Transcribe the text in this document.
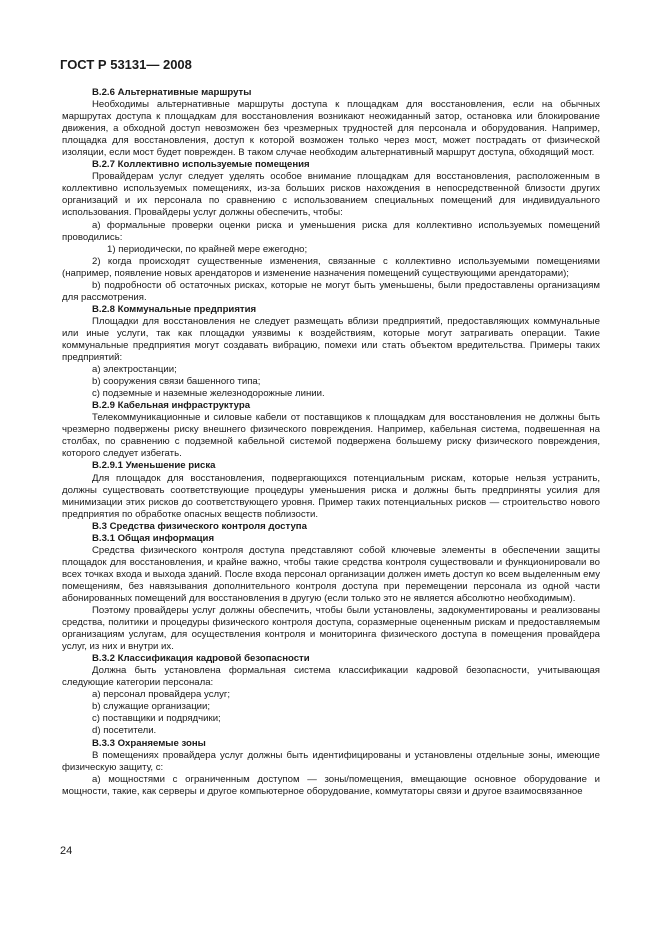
ГОСТ Р 53131— 2008

В.2.6 Альтернативные маршруты

Необходимы альтернативные маршруты доступа к площадкам для восстановления, если на обычных маршрутах доступа к площадкам для восстановления возникают неожиданный затор, остановка или блокирование движения, а обходной доступ невозможен без чрезмерных трудностей для персонала и оборудования. Например, площадка для восстановления, доступ к которой возможен только через мост, может пострадать от физической изоляции, если мост будет поврежден. В таком случае необходим альтернативный маршрут доступа, обходящий мост.

В.2.7 Коллективно используемые помещения

Провайдерам услуг следует уделять особое внимание площадкам для восстановления, расположенным в коллективно используемых помещениях, из-за больших рисков нахождения в непосредственной близости других организаций и их персонала по сравнению с использованием специальных помещений для индивидуального использования. Провайдеры услуг должны обеспечить, чтобы:

а) формальные проверки оценки риска и уменьшения риска для коллективно используемых помещений проводились:

1) периодически, по крайней мере ежегодно;

2) когда происходят существенные изменения, связанные с коллективно используемыми помещениями (например, появление новых арендаторов и изменение назначения помещений существующими арендаторами);

b) подробности об остаточных рисках, которые не могут быть уменьшены, были предоставлены организациям для рассмотрения.

В.2.8 Коммунальные предприятия

Площадки для восстановления не следует размещать вблизи предприятий, предоставляющих коммунальные или иные услуги, так как площадки уязвимы к воздействиям, которые могут затрагивать операции. Такие коммунальные предприятия могут создавать вибрацию, помехи или стать объектом вредительства. Примеры таких предприятий:

а) электростанции;

b) сооружения связи башенного типа;

с) подземные и наземные железнодорожные линии.

В.2.9 Кабельная инфраструктура

Телекоммуникационные и силовые кабели от поставщиков к площадкам для восстановления не должны быть чрезмерно подвержены риску внешнего физического повреждения. Например, кабельная система, подвешенная на столбах, по сравнению с подземной кабельной системой подвержена большему риску физического повреждения, которого следует избегать.

В.2.9.1 Уменьшение риска

Для площадок для восстановления, подвергающихся потенциальным рискам, которые нельзя устранить, должны существовать соответствующие процедуры уменьшения риска и должны быть предприняты усилия для минимизации этих рисков до соответствующего уровня. Пример таких потенциальных рисков — строительство нового предприятия по обработке опасных веществ поблизости.

В.3 Средства физического контроля доступа

В.3.1 Общая информация

Средства физического контроля доступа представляют собой ключевые элементы в обеспечении защиты площадок для восстановления, и крайне важно, чтобы такие средства контроля существовали и функционировали во всех точках входа и выхода зданий. После входа персонал организации должен иметь доступ ко всем выделенным ему помещениям, без навязывания дополнительного контроля доступа при перемещении персонала из одной части абонированных помещений для восстановления в другую (если только это не является абсолютно необходимым).

Поэтому провайдеры услуг должны обеспечить, чтобы были установлены, задокументированы и реализованы средства, политики и процедуры физического контроля доступа, соразмерные оцененным рискам и предоставляемым организациям услугам, для осуществления контроля и мониторинга физического доступа в помещения провайдера услуг, из них и внутри их.

В.3.2 Классификация кадровой безопасности

Должна быть установлена формальная система классификации кадровой безопасности, учитывающая следующие категории персонала:

а) персонал провайдера услуг;

b) служащие организации;

с) поставщики и подрядчики;

d) посетители.

В.3.3 Охраняемые зоны

В помещениях провайдера услуг должны быть идентифицированы и установлены отдельные зоны, имеющие физическую защиту, с:

а) мощностями с ограниченным доступом — зоны/помещения, вмещающие основное оборудование и мощности, такие, как серверы и другое компьютерное оборудование, коммутаторы связи и другое взаимосвязанное

24
